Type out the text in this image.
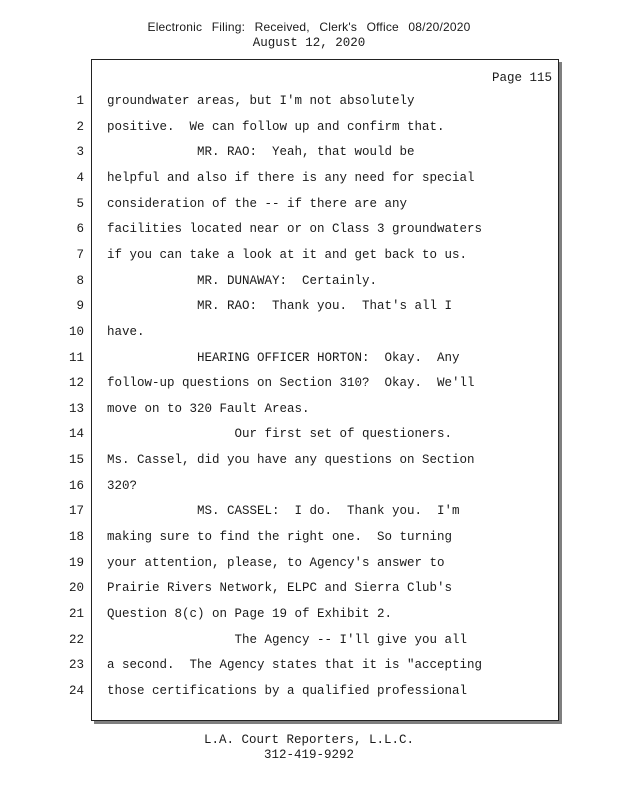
Electronic Filing: Received, Clerk's Office 08/20/2020
August 12, 2020
Page 115
1 groundwater areas, but I'm not absolutely
2 positive.  We can follow up and confirm that.
3 MR. RAO:  Yeah, that would be
4 helpful and also if there is any need for special
5 consideration of the -- if there are any
6 facilities located near or on Class 3 groundwaters
7 if you can take a look at it and get back to us.
8 MR. DUNAWAY:  Certainly.
9 MR. RAO:  Thank you.  That's all I
10 have.
11 HEARING OFFICER HORTON:  Okay.  Any
12 follow-up questions on Section 310?  Okay.  We'll
13 move on to 320 Fault Areas.
14 Our first set of questioners.
15 Ms. Cassel, did you have any questions on Section
16 320?
17 MS. CASSEL:  I do.  Thank you.  I'm
18 making sure to find the right one.  So turning
19 your attention, please, to Agency's answer to
20 Prairie Rivers Network, ELPC and Sierra Club's
21 Question 8(c) on Page 19 of Exhibit 2.
22 The Agency -- I'll give you all
23 a second.  The Agency states that it is "accepting
24 those certifications by a qualified professional
L.A. Court Reporters, L.L.C.
312-419-9292
